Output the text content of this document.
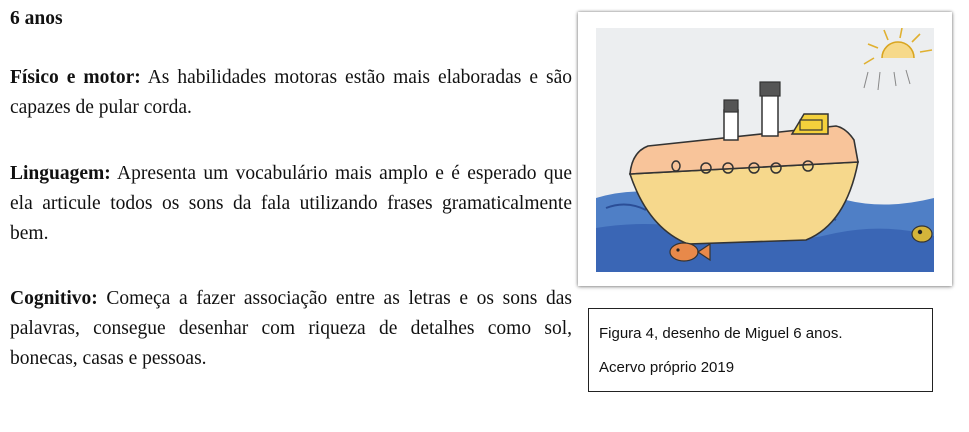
6 anos
Físico e motor: As habilidades motoras estão mais elaboradas e são capazes de pular corda.
Linguagem: Apresenta um vocabulário mais amplo e é esperado que ela articule todos os sons da fala utilizando frases gramaticalmente bem.
Cognitivo: Começa a fazer associação entre as letras e os sons das palavras, consegue desenhar com riqueza de detalhes como sol, bonecas, casas e pessoas.
Figura 4, desenho de Miguel 6 anos.
Acervo próprio 2019
